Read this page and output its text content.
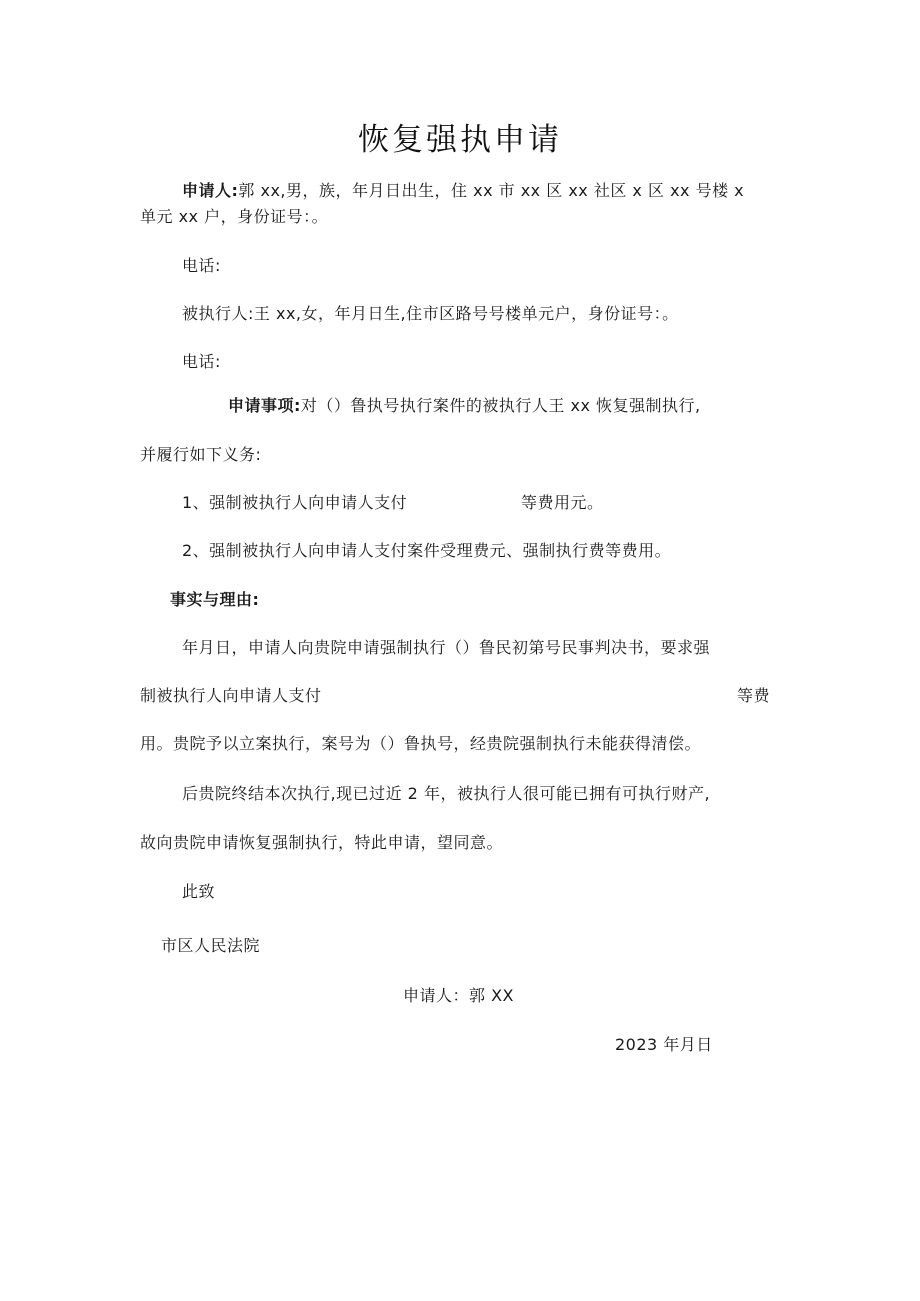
恢复强执申请
申请人:郭 xx,男，族，年月日出生，住 xx 市 xx 区 xx 社区 x 区 xx 号楼 x
单元 xx 户，身份证号：。
电话:
被执行人:王 xx,女，年月日生,住市区路号号楼单元户，身份证号：。
电话:
申请事项:对（）鲁执号执行案件的被执行人王 xx 恢复强制执行,
并履行如下义务:
1、强制被执行人向申请人支付	等费用元。
2、强制被执行人向申请人支付案件受理费元、强制执行费等费用。
事实与理由:
年月日，申请人向贵院申请强制执行（）鲁民初第号民事判决书，要求强
制被执行人向申请人支付	等费
用。贵院予以立案执行，案号为（）鲁执号，经贵院强制执行未能获得清偿。
后贵院终结本次执行,现已过近 2 年，被执行人很可能已拥有可执行财产,
故向贵院申请恢复强制执行，特此申请，望同意。
此致
市区人民法院
申请人：郭 XX
2023 年月日
